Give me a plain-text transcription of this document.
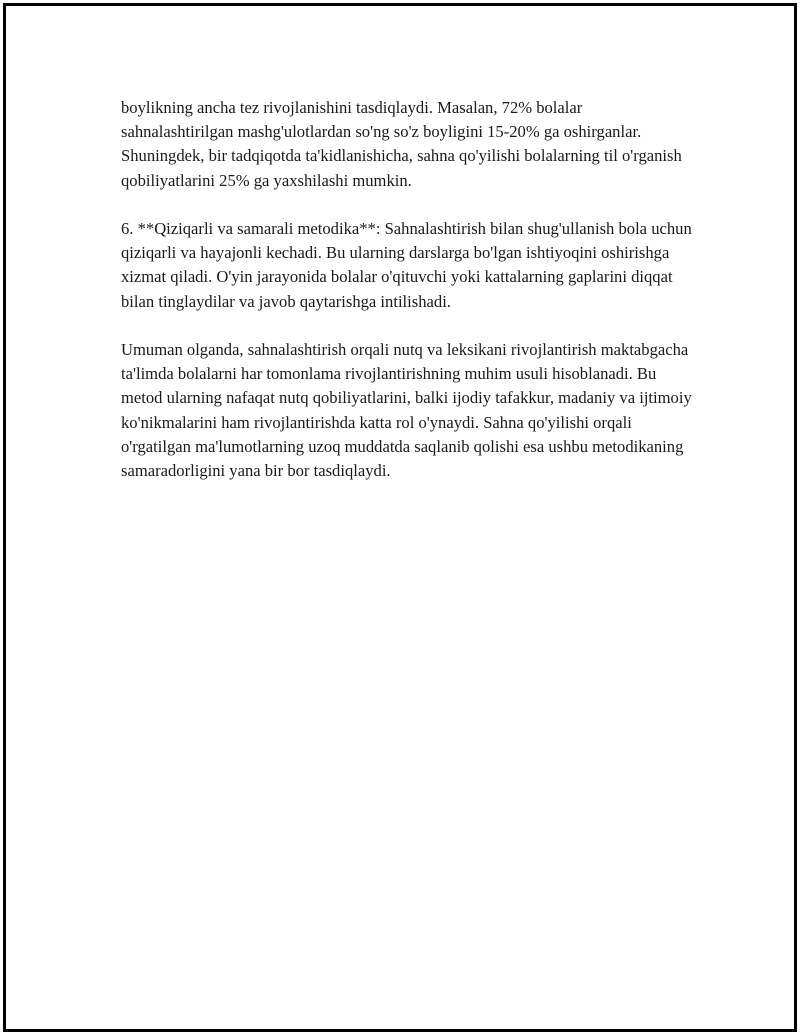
boylikning ancha tez rivojlanishini tasdiqlaydi. Masalan, 72% bolalar sahnalashtirilgan mashg'ulotlardan so'ng so'z boyligini 15-20% ga oshirganlar. Shuningdek, bir tadqiqotda ta'kidlanishicha, sahna qo'yilishi bolalarning til o'rganish qobiliyatlarini 25% ga yaxshilashi mumkin.

6. **Qiziqarli va samarali metodika**: Sahnalashtirish bilan shug'ullanish bola uchun qiziqarli va hayajonli kechadi. Bu ularning darslarga bo'lgan ishtiyoqini oshirishga xizmat qiladi. O'yin jarayonida bolalar o'qituvchi yoki kattalarning gaplarini diqqat bilan tinglaydilar va javob qaytarishga intilishadi.

Umuman olganda, sahnalashtirish orqali nutq va leksikani rivojlantirish maktabgacha ta'limda bolalarni har tomonlama rivojlantirishning muhim usuli hisoblanadi. Bu metod ularning nafaqat nutq qobiliyatlarini, balki ijodiy tafakkur, madaniy va ijtimoiy ko'nikmalarini ham rivojlantirishda katta rol o'ynaydi. Sahna qo'yilishi orqali o'rgatilgan ma'lumotlarning uzoq muddatda saqlanib qolishi esa ushbu metodikaning samaradorligini yana bir bor tasdiqlaydi.
